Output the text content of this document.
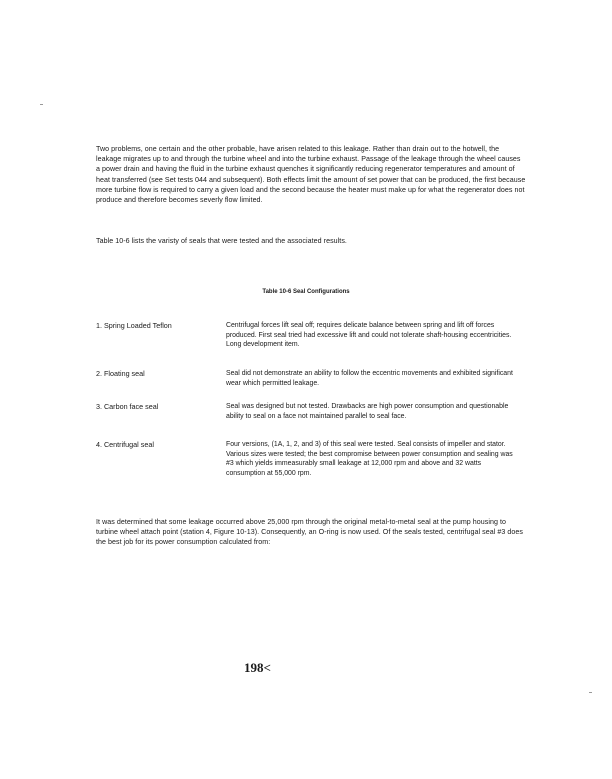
Two problems, one certain and the other probable, have arisen related to this leakage. Rather than drain out to the hotwell, the leakage migrates up to and through the turbine wheel and into the turbine exhaust. Passage of the leakage through the wheel causes a power drain and having the fluid in the turbine exhaust quenches it significantly reducing regenerator temperatures and amount of heat transferred (see Set tests 044 and subsequent). Both effects limit the amount of set power that can be produced, the first because more turbine flow is required to carry a given load and the second because the heater must make up for what the regenerator does not produce and therefore becomes severly flow limited.

Table 10-6 lists the varisty of seals that were tested and the associated results.

Table 10-6 Seal Configurations
1. Spring Loaded Teflon	Centrifugal forces lift seal off; requires delicate balance between spring and lift off forces produced. First seal tried had excessive lift and could not tolerate shaft-housing eccentricities. Long development item.
2. Floating seal	Seal did not demonstrate an ability to follow the eccentric movements and exhibited significant wear which permitted leakage.
3. Carbon face seal	Seal was designed but not tested. Drawbacks are high power consumption and questionable ability to seal on a face not maintained parallel to seal face.
4. Centrifugal seal	Four versions, (1A, 1, 2, and 3) of this seal were tested. Seal consists of impeller and stator. Various sizes were tested; the best compromise between power consumption and sealing was #3 which yields immeasurably small leakage at 12,000 rpm and above and 32 watts consumption at 55,000 rpm.

It was determined that some leakage occurred above 25,000 rpm through the original metal-to-metal seal at the pump housing to turbine wheel attach point (station 4, Figure 10-13). Consequently, an O-ring is now used. Of the seals tested, centrifugal seal #3 does the best job for its power consumption calculated from:

198<
